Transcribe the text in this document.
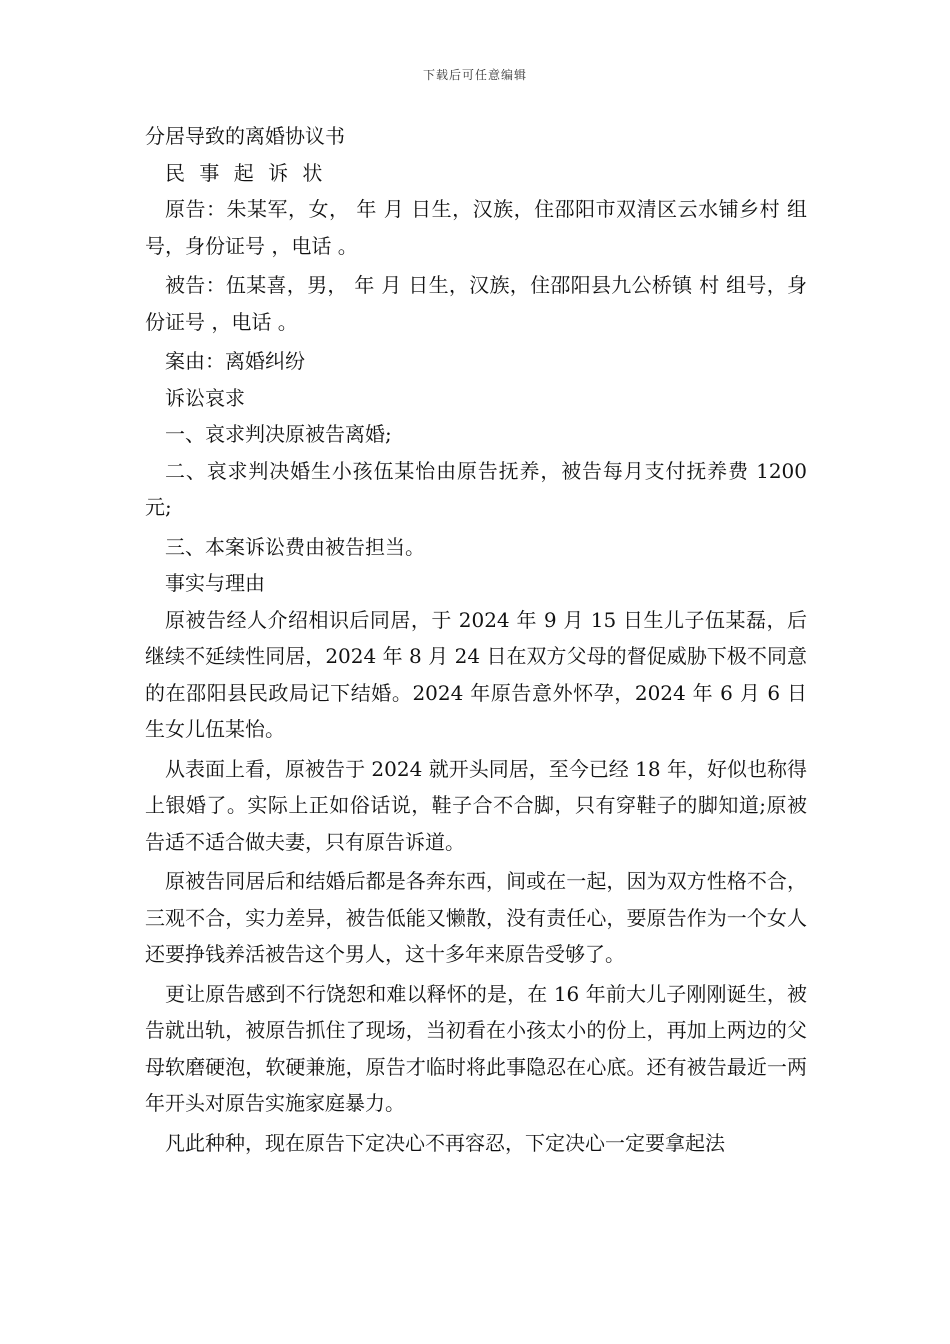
下载后可任意编辑

分居导致的离婚协议书

民 事 起 诉 状

原告：朱某军，女， 年 月 日生，汉族，住邵阳市双清区云水铺乡村 组 号，身份证号 ，电话 。

被告：伍某喜，男， 年 月 日生，汉族，住邵阳县九公桥镇 村 组号，身份证号 ，电话 。

案由：离婚纠纷

诉讼哀求

一、哀求判决原被告离婚;

二、哀求判决婚生小孩伍某怡由原告抚养，被告每月支付抚养费 1200 元;

三、本案诉讼费由被告担当。

事实与理由

原被告经人介绍相识后同居，于 2024 年 9 月 15 日生儿子伍某磊，后继续不延续性同居，2024 年 8 月 24 日在双方父母的督促威胁下极不同意的在邵阳县民政局记下结婚。2024 年原告意外怀孕，2024 年 6 月 6 日生女儿伍某怡。

从表面上看，原被告于 2024 就开头同居，至今已经 18 年，好似也称得上银婚了。实际上正如俗话说，鞋子合不合脚，只有穿鞋子的脚知道;原被告适不适合做夫妻，只有原告诉道。

原被告同居后和结婚后都是各奔东西，间或在一起，因为双方性格不合，三观不合，实力差异，被告低能又懒散，没有责任心，要原告作为一个女人还要挣钱养活被告这个男人，这十多年来原告受够了。

更让原告感到不行饶恕和难以释怀的是，在 16 年前大儿子刚刚诞生，被告就出轨，被原告抓住了现场，当初看在小孩太小的份上，再加上两边的父母软磨硬泡，软硬兼施，原告才临时将此事隐忍在心底。还有被告最近一两年开头对原告实施家庭暴力。

凡此种种，现在原告下定决心不再容忍，下定决心一定要拿起法
